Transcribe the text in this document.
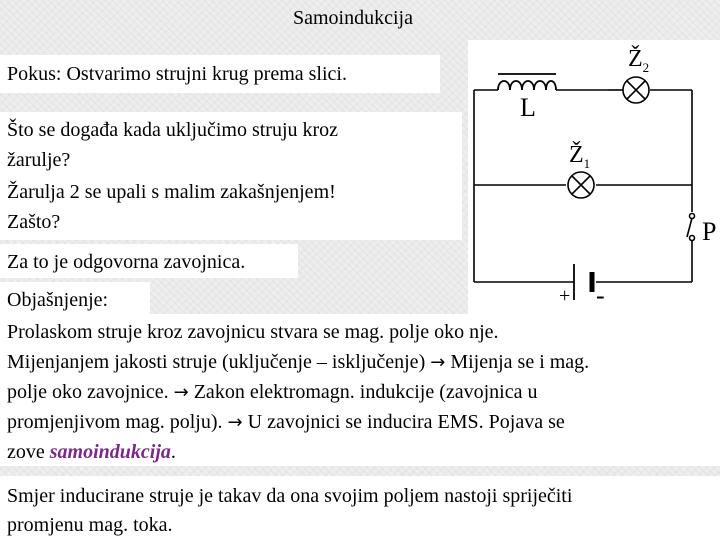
Samoindukcija
L
$Ž_2$
$Ž_1$
P
+ -
Pokus: Ostvarimo strujni krug prema slici.
Što se događa kada uključimo struju kroz
žarulje?
Žarulja 2 se upali s malim zakašnjenjem!
Zašto?
Za to je odgovorna zavojnica.
Objašnjenje:
Prolaskom struje kroz zavojnicu stvara se mag. polje oko nje.
Mijenjanjem jakosti struje (uključenje – isključenje) → Mijenja se i mag.
polje oko zavojnice. → Zakon elektromagn. indukcije (zavojnica u
promjenjivom mag. polju). → U zavojnici se inducira EMS. Pojava se
zove samoindukcija.
Smjer inducirane struje je takav da ona svojim poljem nastoji spriječiti
promjenu mag. toka.
